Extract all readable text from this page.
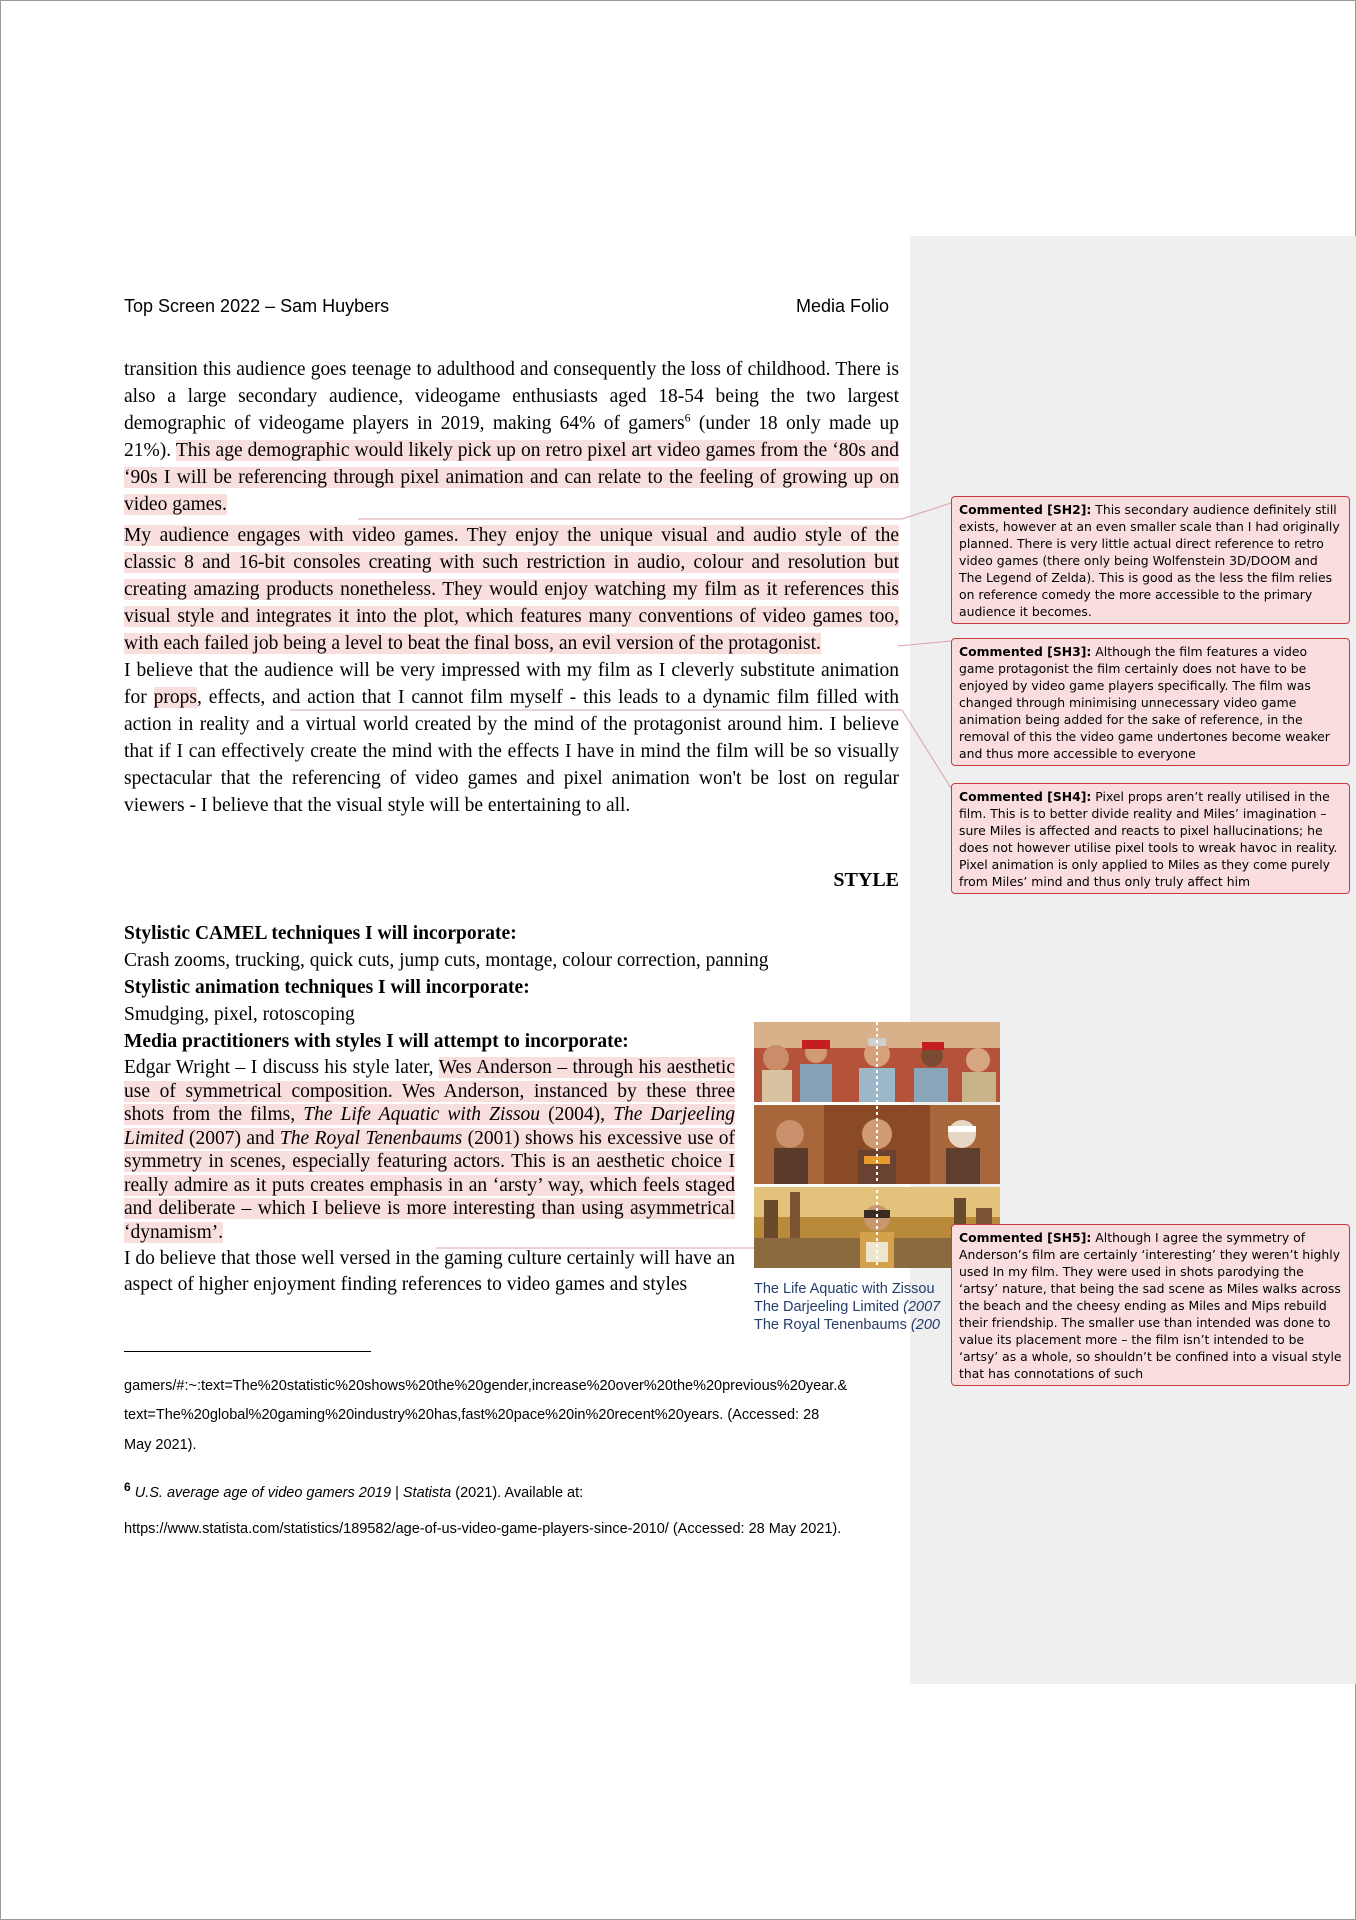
Top Screen 2022 – Sam Huybers	Media Folio

transition this audience goes teenage to adulthood and consequently the loss of childhood. There is also a large secondary audience, videogame enthusiasts aged 18-54 being the two largest demographic of videogame players in 2019, making 64% of gamers$^6$ (under 18 only made up 21%). This age demographic would likely pick up on retro pixel art video games from the ‘80s and ‘90s I will be referencing through pixel animation and can relate to the feeling of growing up on video games.

My audience engages with video games. They enjoy the unique visual and audio style of the classic 8 and 16-bit consoles creating with such restriction in audio, colour and resolution but creating amazing products nonetheless. They would enjoy watching my film as it references this visual style and integrates it into the plot, which features many conventions of video games too, with each failed job being a level to beat the final boss, an evil version of the protagonist.

I believe that the audience will be very impressed with my film as I cleverly substitute animation for props, effects, and action that I cannot film myself - this leads to a dynamic film filled with action in reality and a virtual world created by the mind of the protagonist around him. I believe that if I can effectively create the mind with the effects I have in mind the film will be so visually spectacular that the referencing of video games and pixel animation won't be lost on regular viewers - I believe that the visual style will be entertaining to all.

STYLE
Stylistic CAMEL techniques I will incorporate:
Crash zooms, trucking, quick cuts, jump cuts, montage, colour correction, panning
Stylistic animation techniques I will incorporate:
Smudging, pixel, rotoscoping
Media practitioners with styles I will attempt to incorporate:

Edgar Wright – I discuss his style later, Wes Anderson – through his aesthetic use of symmetrical composition. Wes Anderson, instanced by these three shots from the films, The Life Aquatic with Zissou (2004), The Darjeeling Limited (2007) and The Royal Tenenbaums (2001) shows his excessive use of symmetry in scenes, especially featuring actors. This is an aesthetic choice I really admire as it puts creates emphasis in an ‘arsty’ way, which feels staged and deliberate – which I believe is more interesting than using asymmetrical ‘dynamism’.

I do believe that those well versed in the gaming culture certainly will have an aspect of higher enjoyment finding references to video games and styles	The Life Aquatic with Zissou
The Darjeeling Limited (2007
The Royal Tenenbaums (200
gamers/#:~:text=The%20statistic%20shows%20the%20gender,increase%20over%20the%20previous%20year.&
text=The%20global%20gaming%20industry%20has,fast%20pace%20in%20recent%20years. (Accessed: 28
May 2021).
$^6$ U.S. average age of video gamers 2019 | Statista (2021). Available at:
https://www.statista.com/statistics/189582/age-of-us-video-game-players-since-2010/ (Accessed: 28 May 2021).
Commented [SH2]: This secondary audience definitely still exists, however at an even smaller scale than I had originally planned. There is very little actual direct reference to retro video games (there only being Wolfenstein 3D/DOOM and The Legend of Zelda). This is good as the less the film relies on reference comedy the more accessible to the primary audience it becomes.
Commented [SH3]: Although the film features a video game protagonist the film certainly does not have to be enjoyed by video game players specifically. The film was changed through minimising unnecessary video game animation being added for the sake of reference, in the removal of this the video game undertones become weaker and thus more accessible to everyone
Commented [SH4]: Pixel props aren’t really utilised in the film. This is to better divide reality and Miles’ imagination – sure Miles is affected and reacts to pixel hallucinations; he does not however utilise pixel tools to wreak havoc in reality. Pixel animation is only applied to Miles as they come purely from Miles’ mind and thus only truly affect him
Commented [SH5]: Although I agree the symmetry of Anderson’s film are certainly ‘interesting’ they weren’t highly used In my film. They were used in shots parodying the ‘artsy’ nature, that being the sad scene as Miles walks across the beach and the cheesy ending as Miles and Mips rebuild their friendship. The smaller use than intended was done to value its placement more – the film isn’t intended to be ‘artsy’ as a whole, so shouldn’t be confined into a visual style that has connotations of such
